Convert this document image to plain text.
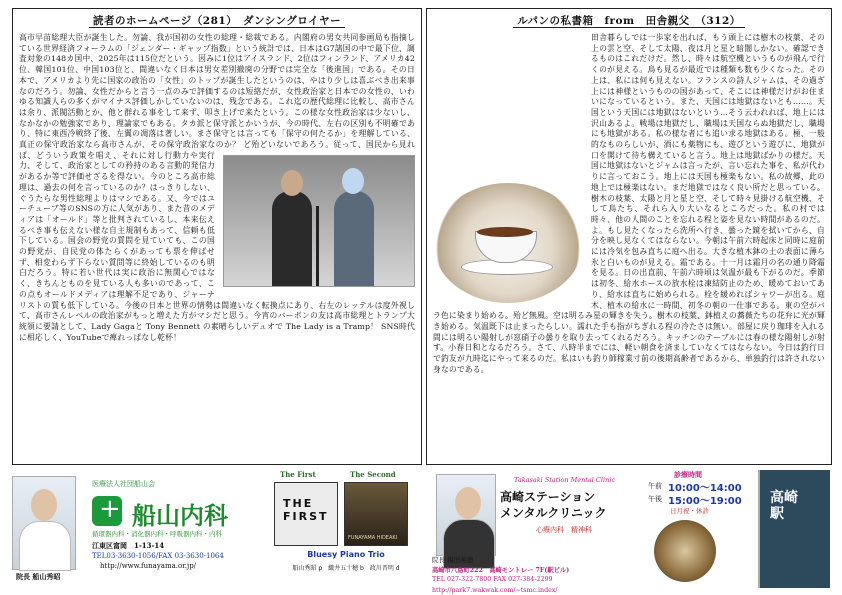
読者のホームページ（281）　ダンシングロイヤー
高市早苗総理大臣が誕生した。勿論、我が国初の女性の総理・総裁である。内閣府の男女共同参画局も指摘している世界経済フォーラムの「ジェンダー・ギャップ指数」という統計では、日本はG7諸国の中で最下位、調査対象の148カ国中、2025年は115位だという。因みに1位はアイスランド、2位はフィンランド、アメリカ42位、韓国101位、中国103位と、間違いなく日本は男女差別撤廃の分野では完全な「後進国」である。その日本で、アメリカより先に国家の政治の「女性」のトップが誕生したというのは、やはり少しは喜ぶべき出来事なのだろう。勿論、女性だからと言う一点のみで評価するのは短絡だが、女性政治家と日本での女性の、いわゆる知識人らの多くがマイナス評価しかしていないのは、残念である。これ迄の歴代総理に比較し、高市さんは余り、派閥活動とか、他と群れる事をして来ず、叩き上げで来たという。この様な女性政治家は少ないし、なかなかの勉強家であり、理論家でもある。タカ派と保守派とかいうが、今の時代、左右の区別も不明確であり、特に東西冷戦終了後、左翼の凋落は著しい。まさ保守とは言っても「保守の何たるか」を理解している、真正の保守政治家なら高市さんが、その保守政治家なのか？ ど殆どいないであろう。従って、国民から見れば、どういう政策を唱え、それに対し行動力や実行力、そして、政治家としての矜持のある言動的発信力があるか等で評価せざるを得ない。今のところ高市総理は、過去の何を言っているのか？はっきりしない、ぐうたらな男性総理よりはマシである。又、今ではユーチューブ等のSNSの方に人気があり、また昔のメディアは「オールド」等と批判されているし、本来伝えるべき事も伝えない様な自主規制もあって、信頼も低下している。国会の野党の質問を見ていても、この国の野党が、自民党の体たらくがあっても票を伸ばせず、相変わらず下らない質問等に終始しているのも明白だろう。特に若い世代は実に政治に無関心ではなく、きちんとものを見ている人も多いのであって、この点もオールドメディアは理解不足であり、ジャーナリストの質も低下している。今後の日本と世界の情勢は間違いなく転換点にあり、右左のレッテルは度外視して、高市さんレベルの政治家がもっと増えた方がマシだと思う。今宵のバーボンの友は高市総理とトランプ大統領に要請として、Lady Gagaと Tony Bennett の素晴らしいデュオで The Lady is a Tramp！ SNS時代に相応しく、YouTubeで痺れっぱなし乾杯！
ルパンの私書箱　from　田舎親父　（312）
田舎暮らしでは一歩家を出れば、もう頭上には樹木の枝葉、その上の雲と空、そして太陽、夜は月と星と暗闇しかない。確認できるものはこれだけだ。然し、時々は航空機というものが飛んで行くのが見える。鳥も見るが最近では種類も数も少くなった。その上は、私には何も見えない。フランスの詩人ジャムは、その過ぎ上には神様というものの国があって、そこには神様だけがお住まいになっているという。また、天国には地獄はないとも……。天国という天国には地獄はないという…そう云われれば、地上には沢山あるよ。戦場は地獄だし、職場は天国ならぬ地獄だし、職場にも地獄がある。私の様な者にも追い求る地獄はある。極、一般的なものらしいが、酒にも薬物にも、遊びという遊びに、地獄が口を開けて待ち構えていると言う。地上は地獄ばかりの様だ。天国に地獄はないとジャムは言ったが、言い忘れた事を、私が代わりに言っておこう。地上には天国も極楽もない。私の故郷、此の地上では極楽はない。まだ地獄ではなく良い所だと思っている。樹木の枝葉、太陽と月と星と空、そして時々見掛ける航空機、そして鳥たち、それら入り大いなるところだった。私の村では時々、他の人間のことを忘れる程と姿を見ない時間があるのだ。よ。もし見たくなったら洗所へ行き、曇った鏡を拭いてから、自分を映し見なくてはならない。今朝は午前六時起床と同時に庭前には冷気を包み直ちに庭へ出る。大きな植木鉢の土の表面に薄ら氷と白いものが見える。霜である。十一月は霜月の名の通り降霜を見る。日の出直前、午前六時頃は気温が最も下がるのだ。季節は初冬、給水ホースの放水栓は凍結防止のため、暖めておいてあり、給水は直ちに始められる。栓を緩めればシャワーが出る。庭木、植木の給水に一時間、初冬の朝の一仕事である。東の空がバラ色に染まり始める。殆ど無風。空は明るみ星の輝きを失う。樹木の枝葉、鉢植えの蕎薇たちの花弁に光が輝き始める。気温既下は止まったらしい。濡れた手も指がちぎれる程の冷たさは無い。部屋に戻り珈琲を入れる間には明るい陽射しが窓硝子の曇りを取り去ってくれるだろう。キッチンのテーブルには春の様な陽射しが射す。小春日和となるだろう。さて、八時半までには、軽い朝食を済ましていなくてはならない。今日は釣行日で釣友が九時迄にやって来るのだ。私はいも釣り師稼業寸前の後期高齢者であるから、単独釣行は許されない身なのである。
医療法人社団船山会
+
船山内科
循環器内科・消化器内科・呼吸器内科・内科
江東区富岡　1-13-14
TEL03-3630-1056/FAX 03-3630-1064
http://www.funayama.or.jp/
院長 船山秀昭
The First	The Second
THE FIRST
FUNAYAMA HIDEAKI
Bluesy Piano Trio
船山秀昭 p　織井五十穂 b　政川晋明 d
Takasaki Station Mental Clinic
高崎ステーション
メンタルクリニック
心療内科　精神科
院長 福田英德
高崎市八島町222　高崎モントレー 7F(駅ビル)
TEL 027-322-7800 FAX 027-384-2299
http://park7.wakwak.com/~tsmc.index/
診療時間
午前 10:00〜14:00
午後 15:00〜19:00
日月祝・休診
高崎駅
